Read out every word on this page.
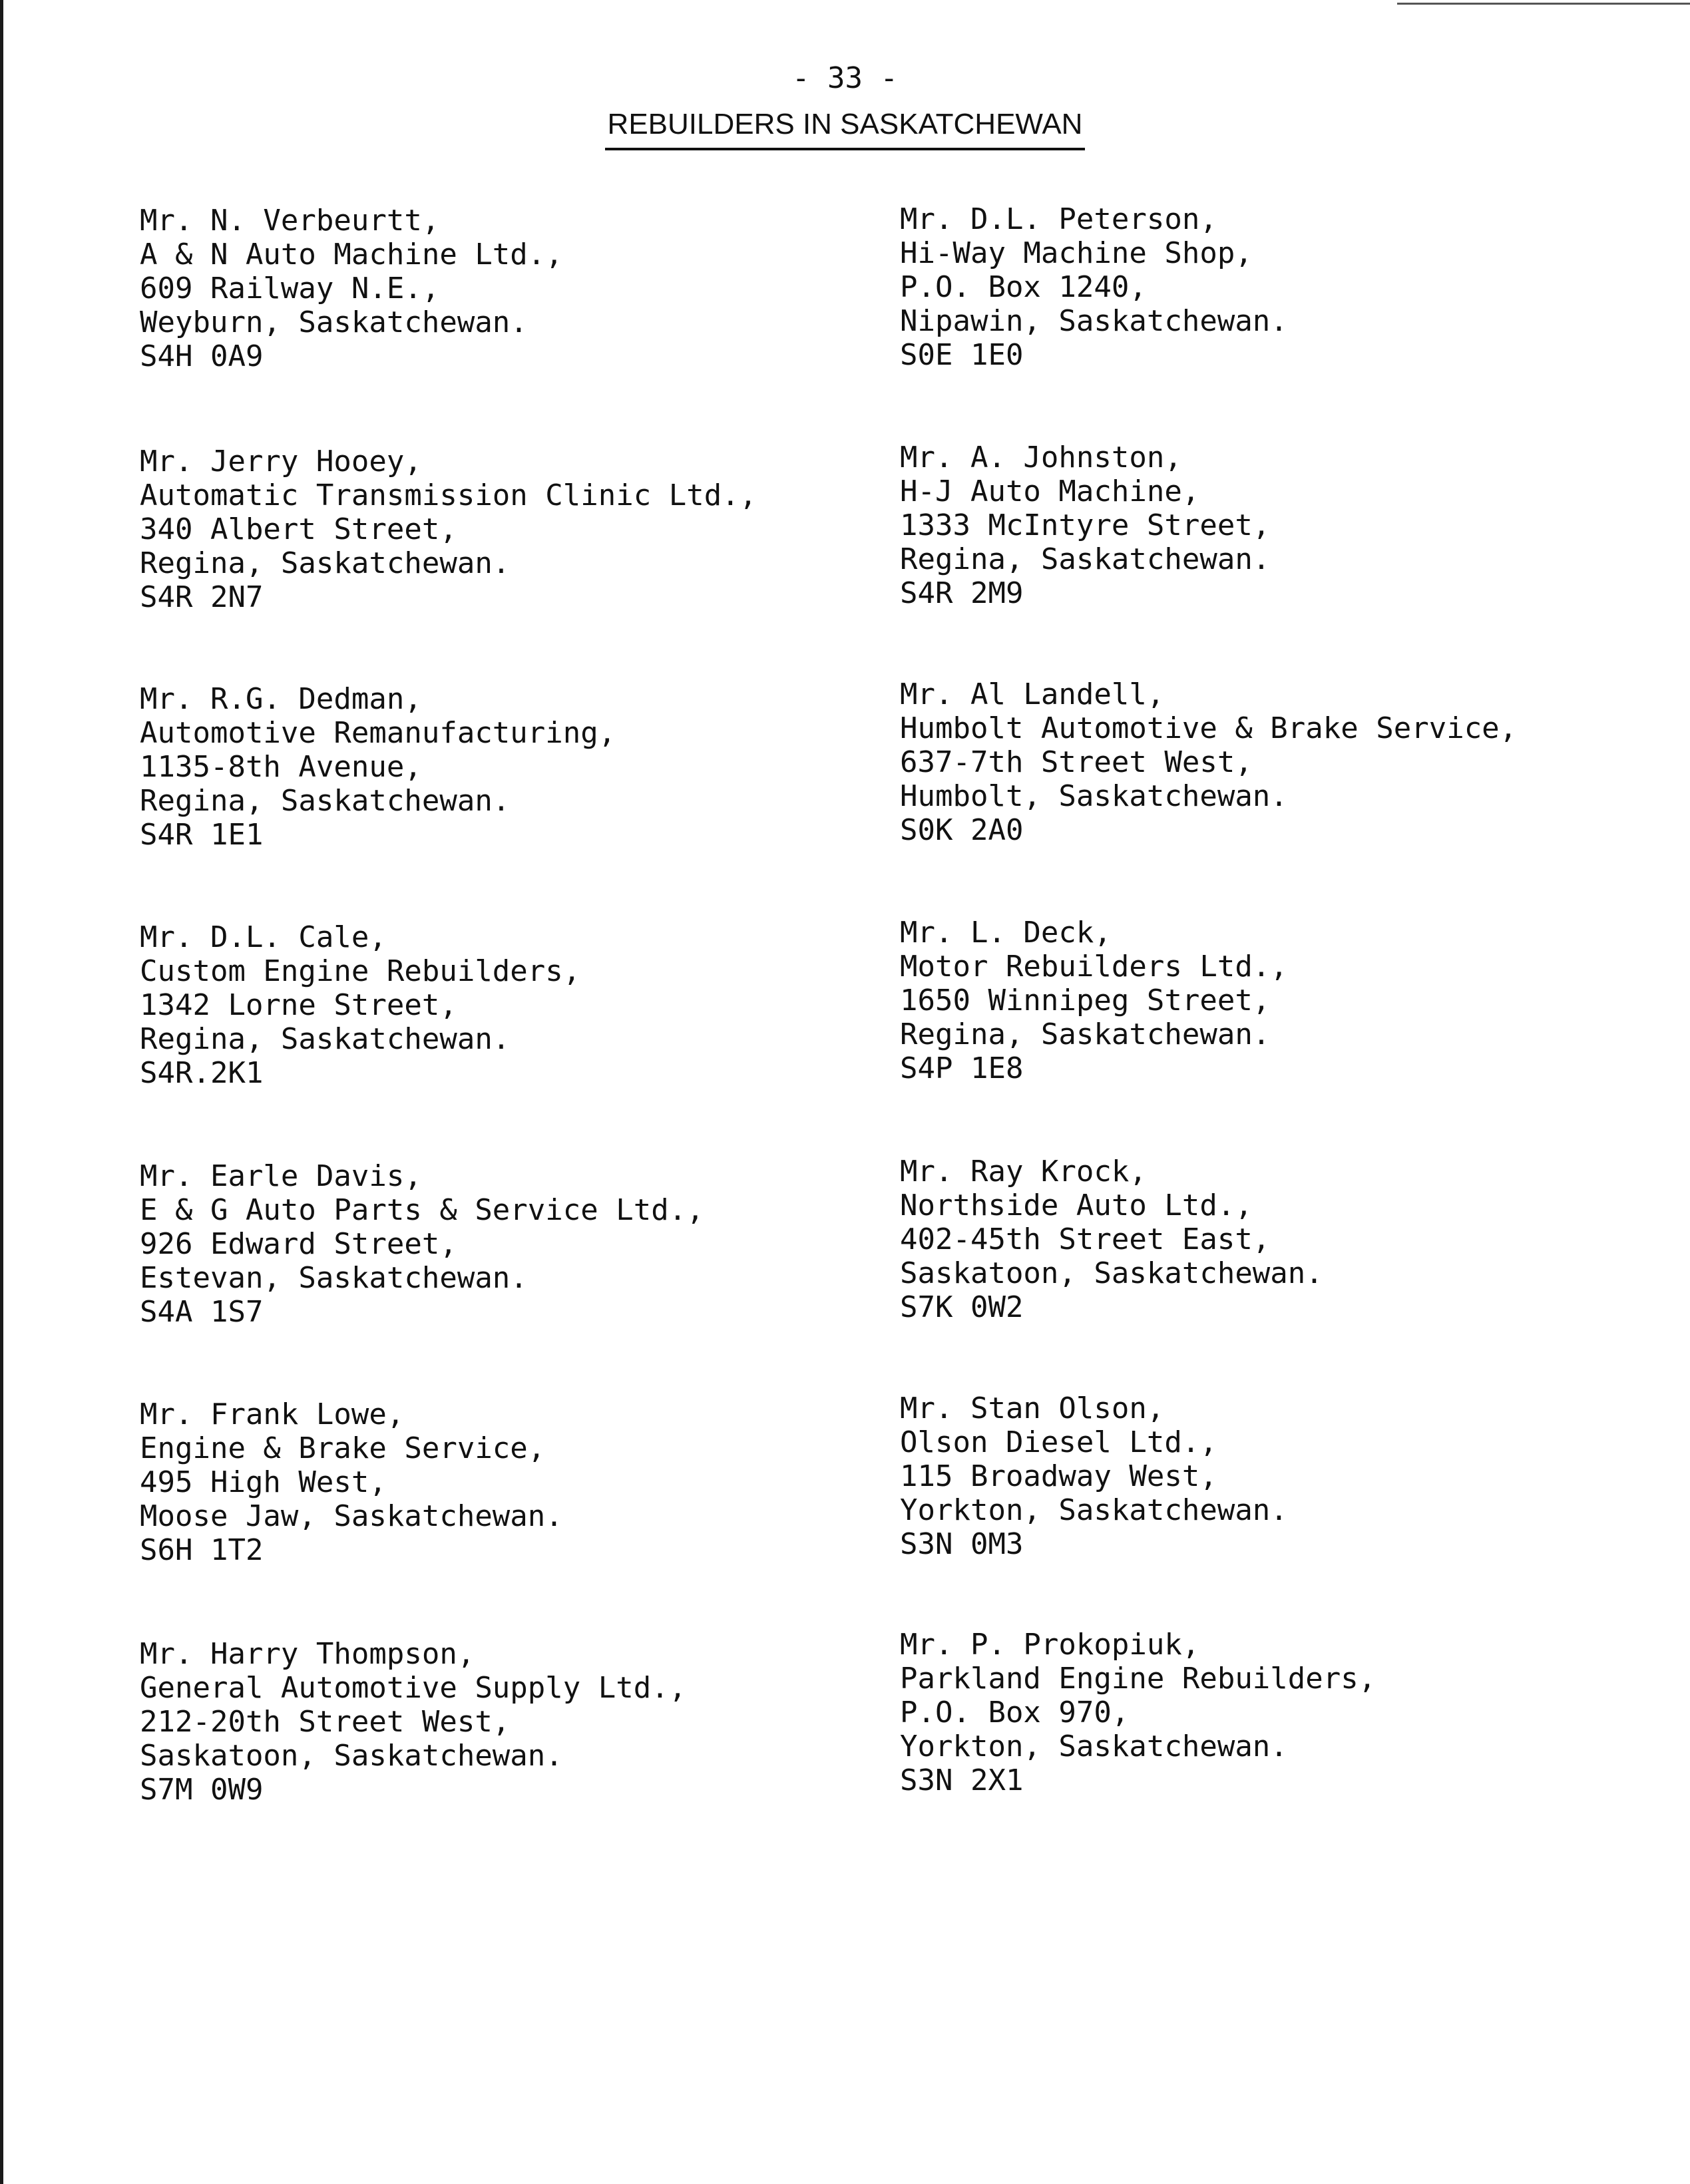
- 33 -
REBUILDERS IN SASKATCHEWAN
Mr. N. Verbeurtt,
A & N Auto Machine Ltd.,
609 Railway N.E.,
Weyburn, Saskatchewan.
S4H 0A9
Mr. Jerry Hooey,
Automatic Transmission Clinic Ltd.,
340 Albert Street,
Regina, Saskatchewan.
S4R 2N7
Mr. R.G. Dedman,
Automotive Remanufacturing,
1135-8th Avenue,
Regina, Saskatchewan.
S4R 1E1
Mr. D.L. Cale,
Custom Engine Rebuilders,
1342 Lorne Street,
Regina, Saskatchewan.
S4R.2K1
Mr. Earle Davis,
E & G Auto Parts & Service Ltd.,
926 Edward Street,
Estevan, Saskatchewan.
S4A 1S7
Mr. Frank Lowe,
Engine & Brake Service,
495 High West,
Moose Jaw, Saskatchewan.
S6H 1T2
Mr. Harry Thompson,
General Automotive Supply Ltd.,
212-20th Street West,
Saskatoon, Saskatchewan.
S7M 0W9
Mr. D.L. Peterson,
Hi-Way Machine Shop,
P.O. Box 1240,
Nipawin, Saskatchewan.
S0E 1E0
Mr. A. Johnston,
H-J Auto Machine,
1333 McIntyre Street,
Regina, Saskatchewan.
S4R 2M9
Mr. Al Landell,
Humbolt Automotive & Brake Service,
637-7th Street West,
Humbolt, Saskatchewan.
S0K 2A0
Mr. L. Deck,
Motor Rebuilders Ltd.,
1650 Winnipeg Street,
Regina, Saskatchewan.
S4P 1E8
Mr. Ray Krock,
Northside Auto Ltd.,
402-45th Street East,
Saskatoon, Saskatchewan.
S7K 0W2
Mr. Stan Olson,
Olson Diesel Ltd.,
115 Broadway West,
Yorkton, Saskatchewan.
S3N 0M3
Mr. P. Prokopiuk,
Parkland Engine Rebuilders,
P.O. Box 970,
Yorkton, Saskatchewan.
S3N 2X1
